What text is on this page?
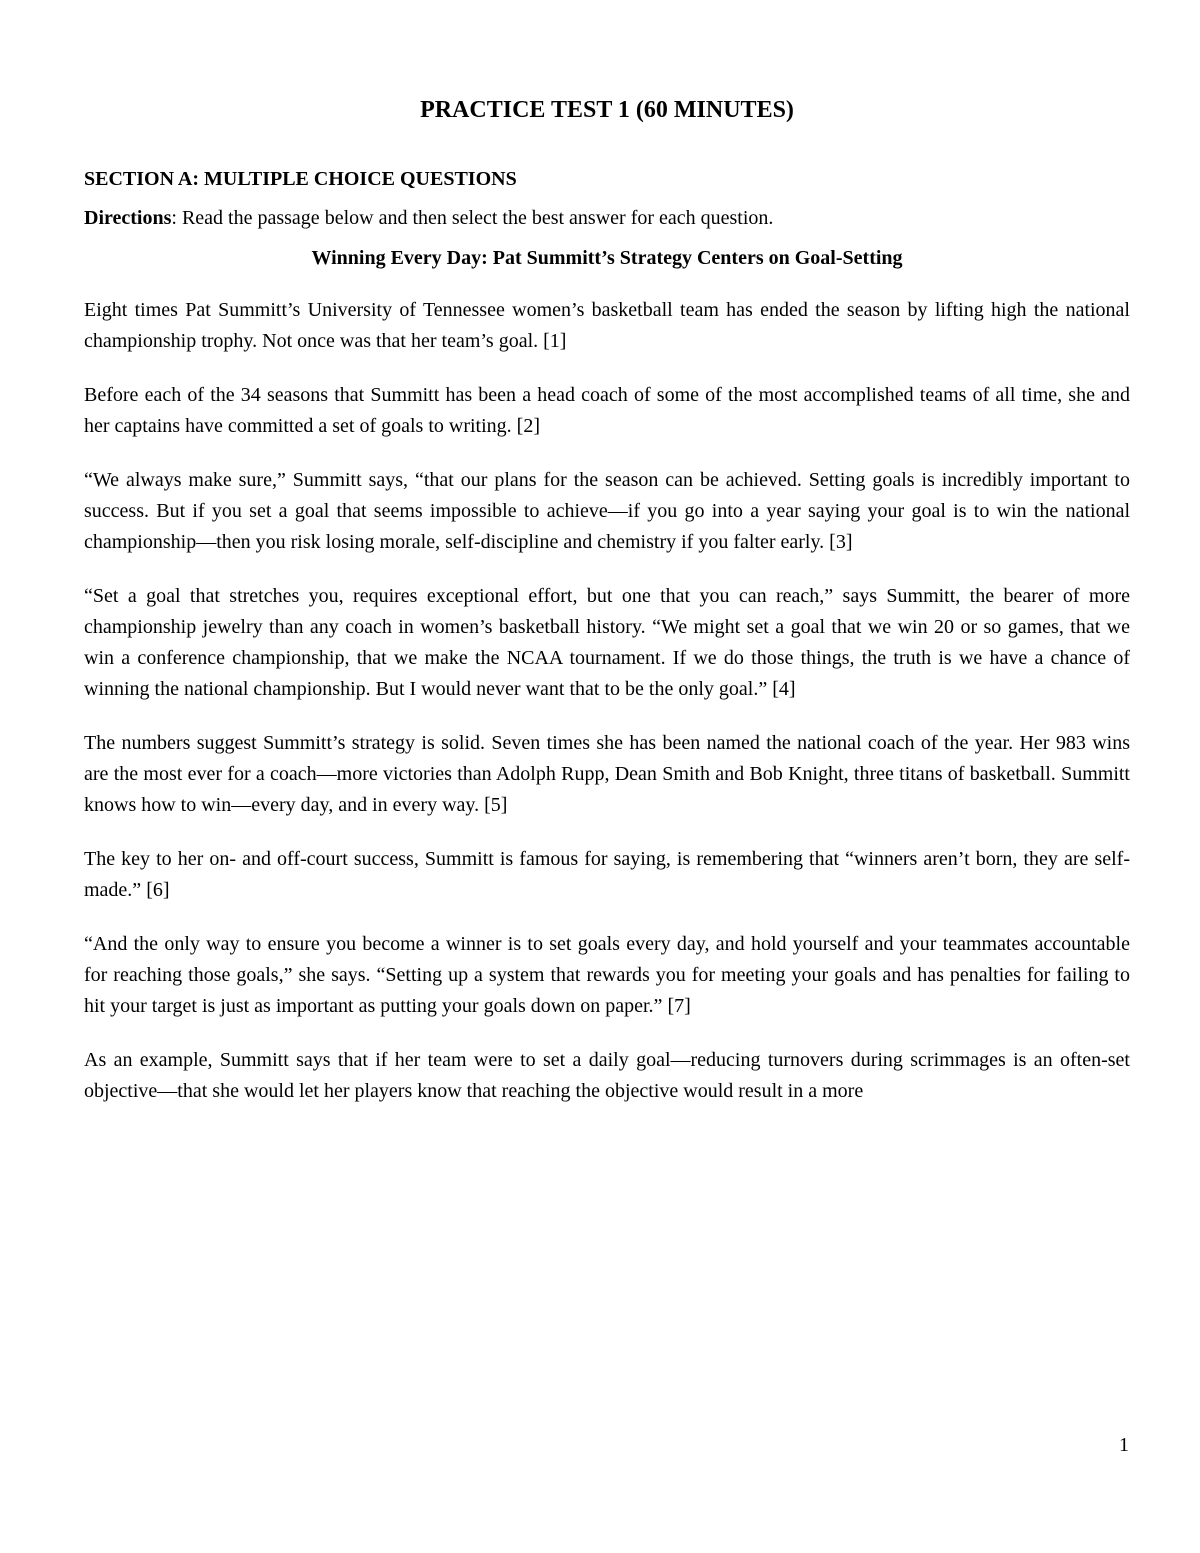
PRACTICE TEST 1 (60 MINUTES)
SECTION A: MULTIPLE CHOICE QUESTIONS
Directions: Read the passage below and then select the best answer for each question.
Winning Every Day: Pat Summitt’s Strategy Centers on Goal-Setting

Eight times Pat Summitt’s University of Tennessee women’s basketball team has ended the season by lifting high the national championship trophy. Not once was that her team’s goal. [1]

Before each of the 34 seasons that Summitt has been a head coach of some of the most accomplished teams of all time, she and her captains have committed a set of goals to writing. [2]

“We always make sure,” Summitt says, “that our plans for the season can be achieved. Setting goals is incredibly important to success. But if you set a goal that seems impossible to achieve—if you go into a year saying your goal is to win the national championship—then you risk losing morale, self-discipline and chemistry if you falter early. [3]

“Set a goal that stretches you, requires exceptional effort, but one that you can reach,” says Summitt, the bearer of more championship jewelry than any coach in women’s basketball history. “We might set a goal that we win 20 or so games, that we win a conference championship, that we make the NCAA tournament. If we do those things, the truth is we have a chance of winning the national championship. But I would never want that to be the only goal.” [4]

The numbers suggest Summitt’s strategy is solid. Seven times she has been named the national coach of the year. Her 983 wins are the most ever for a coach—more victories than Adolph Rupp, Dean Smith and Bob Knight, three titans of basketball. Summitt knows how to win—every day, and in every way. [5]

The key to her on- and off-court success, Summitt is famous for saying, is remembering that “winners aren’t born, they are self-made.” [6]

“And the only way to ensure you become a winner is to set goals every day, and hold yourself and your teammates accountable for reaching those goals,” she says. “Setting up a system that rewards you for meeting your goals and has penalties for failing to hit your target is just as important as putting your goals down on paper.” [7]

As an example, Summitt says that if her team were to set a daily goal—reducing turnovers during scrimmages is an often-set objective—that she would let her players know that reaching the objective would result in a more

1
